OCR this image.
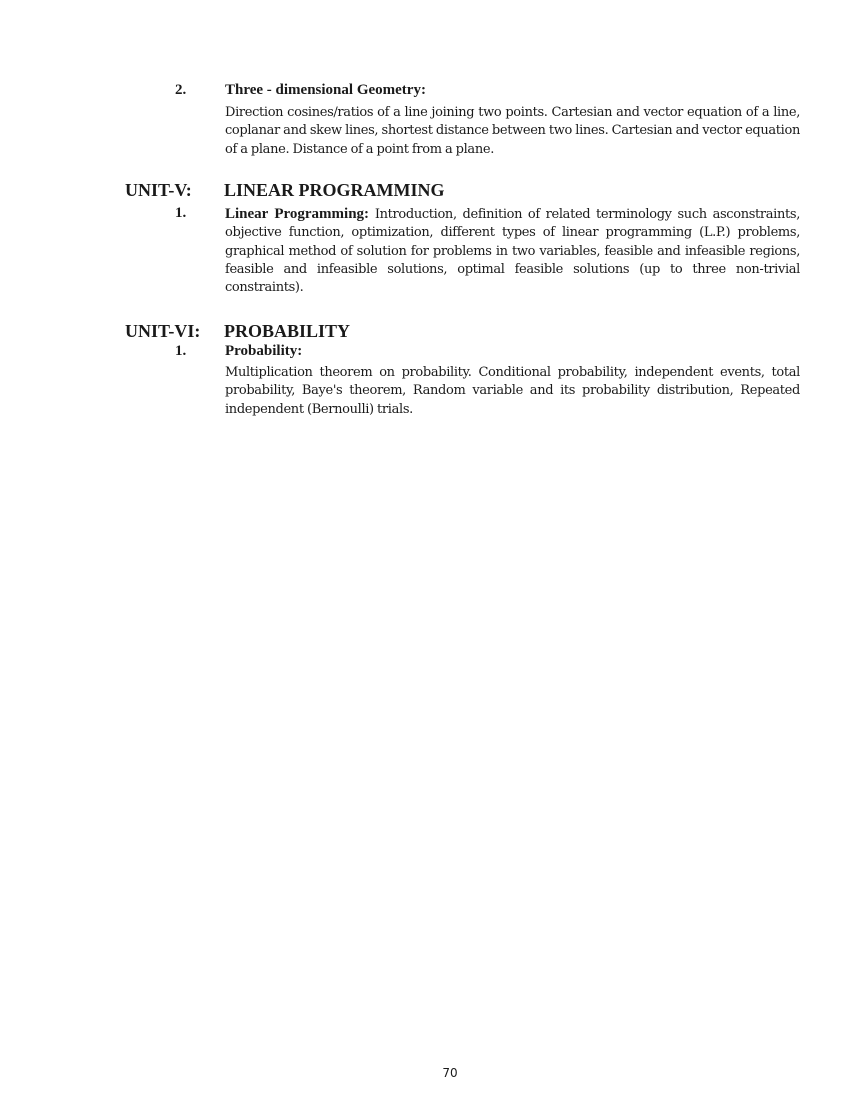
2.	Three - dimensional Geometry:
Direction cosines/ratios of a line joining two points. Cartesian and vector equation of a line, coplanar and skew lines, shortest distance between two lines. Cartesian and vector equation of a plane. Distance of a point from a plane.
UNIT-V: LINEAR PROGRAMMING
1.	Linear Programming: Introduction, definition of related terminology such asconstraints, objective function, optimization, different types of linear programming (L.P.) problems, graphical method of solution for problems in two variables, feasible and infeasible regions, feasible and infeasible solutions, optimal feasible solutions (up to three non-trivial constraints).
UNIT-VI: PROBABILITY
1.	Probability:
Multiplication theorem on probability. Conditional probability, independent events, total probability, Baye's theorem, Random variable and its probability distribution, Repeated independent (Bernoulli) trials.
70
